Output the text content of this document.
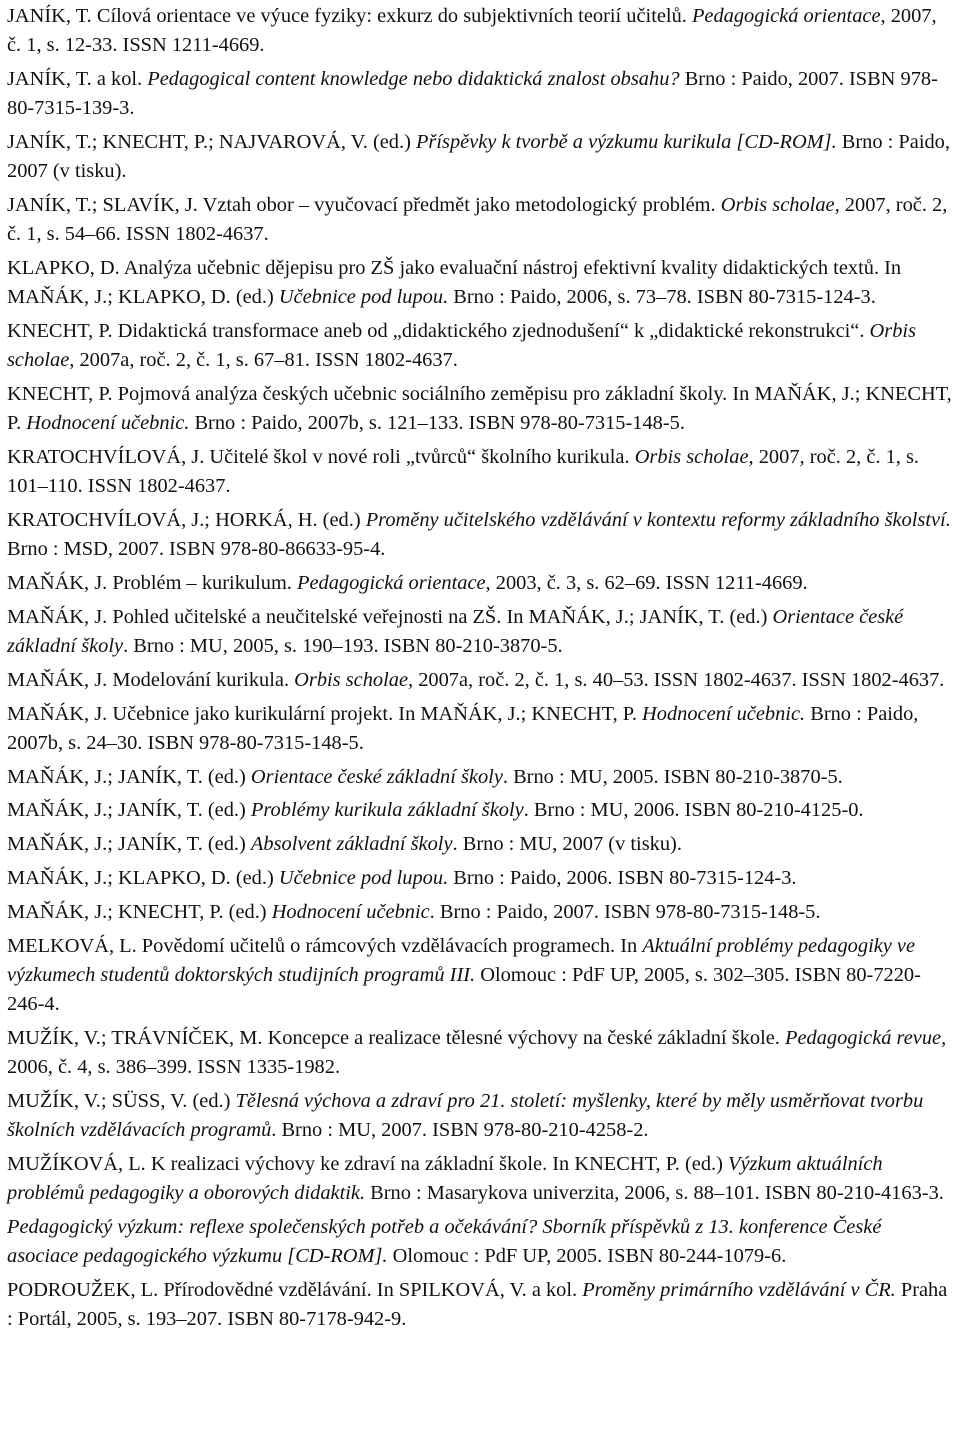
JANÍK, T. Cílová orientace ve výuce fyziky: exkurz do subjektivních teorií učitelů. Pedagogická orientace, 2007, č. 1, s. 12-33. ISSN 1211-4669.

JANÍK, T. a kol. Pedagogical content knowledge nebo didaktická znalost obsahu? Brno : Paido, 2007. ISBN 978-80-7315-139-3.

JANÍK, T.; KNECHT, P.; NAJVAROVÁ, V. (ed.) Příspěvky k tvorbě a výzkumu kurikula [CD-ROM]. Brno : Paido, 2007 (v tisku).

JANÍK, T.; SLAVÍK, J. Vztah obor – vyučovací předmět jako metodologický problém. Orbis scholae, 2007, roč. 2, č. 1, s. 54–66. ISSN 1802-4637.

KLAPKO, D. Analýza učebnic dějepisu pro ZŠ jako evaluační nástroj efektivní kvality didaktických textů. In MAŇÁK, J.; KLAPKO, D. (ed.) Učebnice pod lupou. Brno : Paido, 2006, s. 73–78. ISBN 80-7315-124-3.

KNECHT, P. Didaktická transformace aneb od „didaktického zjednodušení“ k „didaktické rekonstrukci“. Orbis scholae, 2007a, roč. 2, č. 1, s. 67–81. ISSN 1802-4637.

KNECHT, P. Pojmová analýza českých učebnic sociálního zeměpisu pro základní školy. In MAŇÁK, J.; KNECHT, P. Hodnocení učebnic. Brno : Paido, 2007b, s. 121–133. ISBN 978-80-7315-148-5.

KRATOCHVÍLOVÁ, J. Učitelé škol v nové roli „tvůrců“ školního kurikula. Orbis scholae, 2007, roč. 2, č. 1, s. 101–110. ISSN 1802-4637.

KRATOCHVÍLOVÁ, J.; HORKÁ, H. (ed.) Proměny učitelského vzdělávání v kontextu reformy základního školství. Brno : MSD, 2007. ISBN 978-80-86633-95-4.

MAŇÁK, J. Problém – kurikulum. Pedagogická orientace, 2003, č. 3, s. 62–69. ISSN 1211-4669.

MAŇÁK, J. Pohled učitelské a neučitelské veřejnosti na ZŠ. In MAŇÁK, J.; JANÍK, T. (ed.) Orientace české základní školy. Brno : MU, 2005, s. 190–193. ISBN 80-210-3870-5.

MAŇÁK, J. Modelování kurikula. Orbis scholae, 2007a, roč. 2, č. 1, s. 40–53. ISSN 1802-4637. ISSN 1802-4637.

MAŇÁK, J. Učebnice jako kurikulární projekt. In MAŇÁK, J.; KNECHT, P. Hodnocení učebnic. Brno : Paido, 2007b, s. 24–30. ISBN 978-80-7315-148-5.

MAŇÁK, J.; JANÍK, T. (ed.) Orientace české základní školy. Brno : MU, 2005. ISBN 80-210-3870-5.

MAŇÁK, J.; JANÍK, T. (ed.) Problémy kurikula základní školy. Brno : MU, 2006. ISBN 80-210-4125-0.

MAŇÁK, J.; JANÍK, T. (ed.) Absolvent základní školy. Brno : MU, 2007 (v tisku).

MAŇÁK, J.; KLAPKO, D. (ed.) Učebnice pod lupou. Brno : Paido, 2006. ISBN 80-7315-124-3.

MAŇÁK, J.; KNECHT, P. (ed.) Hodnocení učebnic. Brno : Paido, 2007. ISBN 978-80-7315-148-5.

MELKOVÁ, L. Povědomí učitelů o rámcových vzdělávacích programech. In Aktuální problémy pedagogiky ve výzkumech studentů doktorských studijních programů III. Olomouc : PdF UP, 2005, s. 302–305. ISBN 80-7220-246-4.

MUŽÍK, V.; TRÁVNÍČEK, M. Koncepce a realizace tělesné výchovy na české základní škole. Pedagogická revue, 2006, č. 4, s. 386–399. ISSN 1335-1982.

MUŽÍK, V.; SÜSS, V. (ed.) Tělesná výchova a zdraví pro 21. století: myšlenky, které by měly usměrňovat tvorbu školních vzdělávacích programů. Brno : MU, 2007. ISBN 978-80-210-4258-2.

MUŽÍKOVÁ, L. K realizaci výchovy ke zdraví na základní škole. In KNECHT, P. (ed.) Výzkum aktuálních problémů pedagogiky a oborových didaktik. Brno : Masarykova univerzita, 2006, s. 88–101. ISBN 80-210-4163-3.

Pedagogický výzkum: reflexe společenských potřeb a očekávání? Sborník příspěvků z 13. konference České asociace pedagogického výzkumu [CD-ROM]. Olomouc : PdF UP, 2005. ISBN 80-244-1079-6.

PODROUŽEK, L. Přírodovědné vzdělávání. In SPILKOVÁ, V. a kol. Proměny primárního vzdělávání v ČR. Praha : Portál, 2005, s. 193–207. ISBN 80-7178-942-9.
